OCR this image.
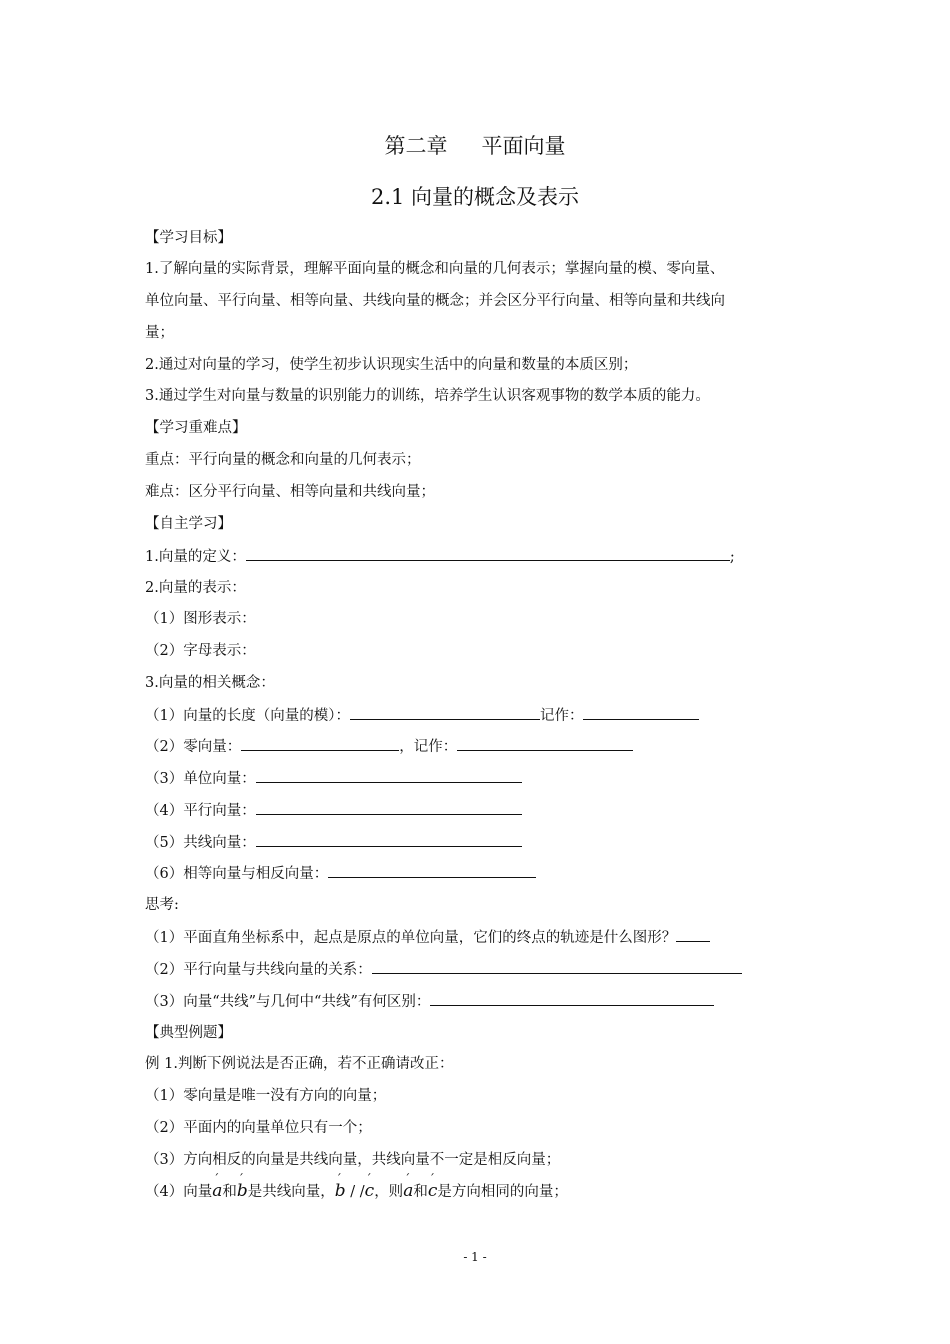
第二章 平面向量
2.1 向量的概念及表示
【学习目标】
1.了解向量的实际背景，理解平面向量的概念和向量的几何表示；掌握向量的模、零向量、
单位向量、平行向量、相等向量、共线向量的概念；并会区分平行向量、相等向量和共线向
量；
2.通过对向量的学习，使学生初步认识现实生活中的向量和数量的本质区别；
3.通过学生对向量与数量的识别能力的训练，培养学生认识客观事物的数学本质的能力。
【学习重难点】
重点：平行向量的概念和向量的几何表示；
难点：区分平行向量、相等向量和共线向量；
【自主学习】
1.向量的定义：	;
2.向量的表示：
（1）图形表示：
（2）字母表示：
3.向量的相关概念：
（1）向量的长度（向量的模）：	记作：
（2）零向量：	，记作：
（3）单位向量：
（4）平行向量：
（5）共线向量：
（6）相等向量与相反向量：
思考:
（1）平面直角坐标系中，起点是原点的单位向量，它们的终点的轨迹是什么图形？
（2）平行向量与共线向量的关系：
（3）向量“共线”与几何中“共线”有何区别：
【典型例题】
例 1.判断下例说法是否正确，若不正确请改正：
（1）零向量是唯一没有方向的向量；
（2）平面内的向量单位只有一个；
（3）方向相反的向量是共线向量，共线向量不一定是相反向量；
（4）向量ˊ a和ˊ b是共线向量，ˊ b / /ˊ c，则ˊ a和ˊ c是方向相同的向量；
- 1 -
